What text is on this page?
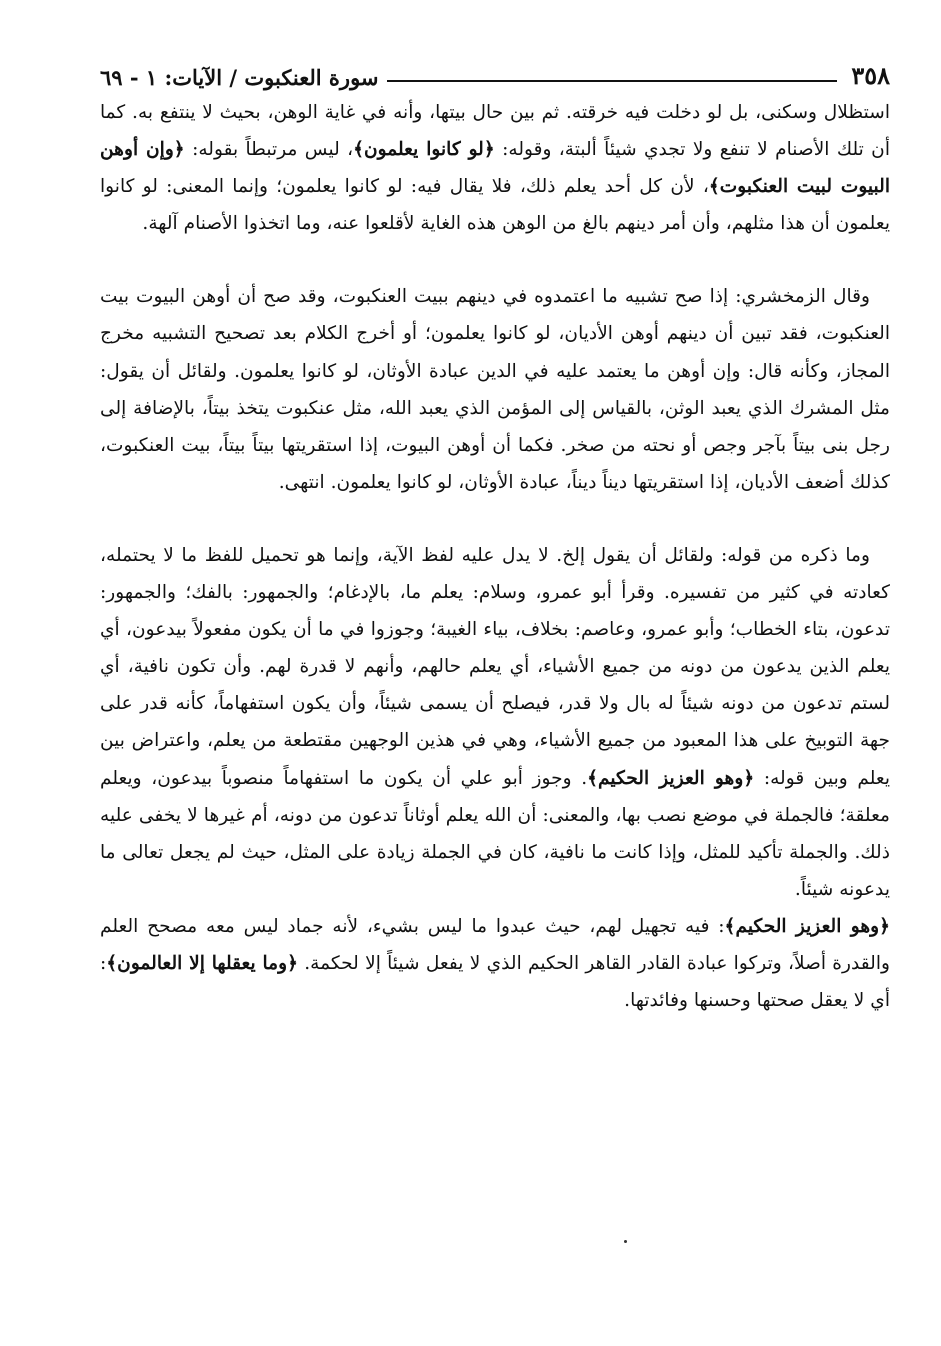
٣٥٨
سورة العنكبوت / الآيات: ١ - ٦٩

استظلال وسكنى، بل لو دخلت فيه خرقته. ثم بين حال بيتها، وأنه في غاية الوهن، بحيث لا ينتفع به. كما أن تلك الأصنام لا تنفع ولا تجدي شيئاً ألبتة، وقوله: ﴿لو كانوا يعلمون﴾، ليس مرتبطاً بقوله: ﴿وإن أوهن البيوت لبيت العنكبوت﴾، لأن كل أحد يعلم ذلك، فلا يقال فيه: لو كانوا يعلمون؛ وإنما المعنى: لو كانوا يعلمون أن هذا مثلهم، وأن أمر دينهم بالغ من الوهن هذه الغاية لأقلعوا عنه، وما اتخذوا الأصنام آلهة.

وقال الزمخشري: إذا صح تشبيه ما اعتمدوه في دينهم ببيت العنكبوت، وقد صح أن أوهن البيوت بيت العنكبوت، فقد تبين أن دينهم أوهن الأديان، لو كانوا يعلمون؛ أو أخرج الكلام بعد تصحيح التشبيه مخرج المجاز، وكأنه قال: وإن أوهن ما يعتمد عليه في الدين عبادة الأوثان، لو كانوا يعلمون. ولقائل أن يقول: مثل المشرك الذي يعبد الوثن، بالقياس إلى المؤمن الذي يعبد الله، مثل عنكبوت يتخذ بيتاً، بالإضافة إلى رجل بنى بيتاً بآجر وجص أو نحته من صخر. فكما أن أوهن البيوت، إذا استقريتها بيتاً بيتاً، بيت العنكبوت، كذلك أضعف الأديان، إذا استقريتها ديناً ديناً، عبادة الأوثان، لو كانوا يعلمون. انتهى.

وما ذكره من قوله: ولقائل أن يقول إلخ. لا يدل عليه لفظ الآية، وإنما هو تحميل للفظ ما لا يحتمله، كعادته في كثير من تفسيره. وقرأ أبو عمرو، وسلام: يعلم ما، بالإدغام؛ والجمهور: بالفك؛ والجمهور: تدعون، بتاء الخطاب؛ وأبو عمرو، وعاصم: بخلاف، بياء الغيبة؛ وجوزوا في ما أن يكون مفعولاً بيدعون، أي يعلم الذين يدعون من دونه من جميع الأشياء، أي يعلم حالهم، وأنهم لا قدرة لهم. وأن تكون نافية، أي لستم تدعون من دونه شيئاً له بال ولا قدر، فيصلح أن يسمى شيئاً، وأن يكون استفهاماً، كأنه قدر على جهة التوبيخ على هذا المعبود من جميع الأشياء، وهي في هذين الوجهين مقتطعة من يعلم، واعتراض بين يعلم وبين قوله: ﴿وهو العزيز الحكيم﴾. وجوز أبو علي أن يكون ما استفهاماً منصوباً بيدعون، ويعلم معلقة؛ فالجملة في موضع نصب بها، والمعنى: أن الله يعلم أوثاناً تدعون من دونه، أم غيرها لا يخفى عليه ذلك. والجملة تأكيد للمثل، وإذا كانت ما نافية، كان في الجملة زيادة على المثل، حيث لم يجعل تعالى ما يدعونه شيئاً.

﴿وهو العزيز الحكيم﴾: فيه تجهيل لهم، حيث عبدوا ما ليس بشيء، لأنه جماد ليس معه مصحح العلم والقدرة أصلاً، وتركوا عبادة القادر القاهر الحكيم الذي لا يفعل شيئاً إلا لحكمة. ﴿وما يعقلها إلا العالمون﴾: أي لا يعقل صحتها وحسنها وفائدتها.
